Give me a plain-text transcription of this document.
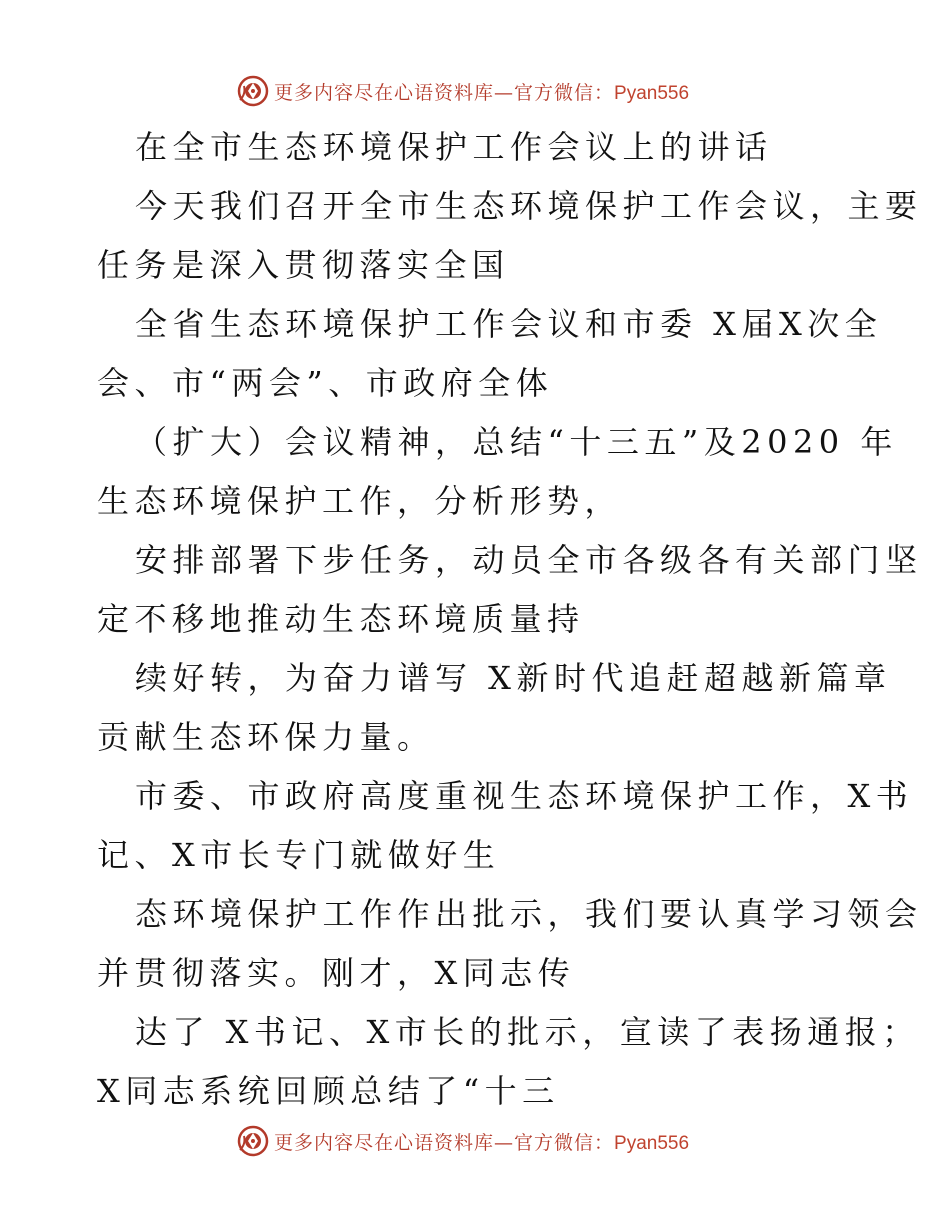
更多内容尽在心语资料库—官方微信：Pyan556
在全市生态环境保护工作会议上的讲话
今天我们召开全市生态环境保护工作会议，主要
任务是深入贯彻落实全国
全省生态环境保护工作会议和市委 X届X次全
会、市“两会”、市政府全体
（扩大）会议精神，总结“十三五”及2020 年
生态环境保护工作，分析形势，
安排部署下步任务，动员全市各级各有关部门坚
定不移地推动生态环境质量持
续好转，为奋力谱写 X新时代追赶超越新篇章
贡献生态环保力量。
市委、市政府高度重视生态环境保护工作，X书
记、X市长专门就做好生
态环境保护工作作出批示，我们要认真学习领会
并贯彻落实。刚才，X同志传
达了 X书记、X市长的批示，宣读了表扬通报；
X同志系统回顾总结了“十三
更多内容尽在心语资料库—官方微信：Pyan556
